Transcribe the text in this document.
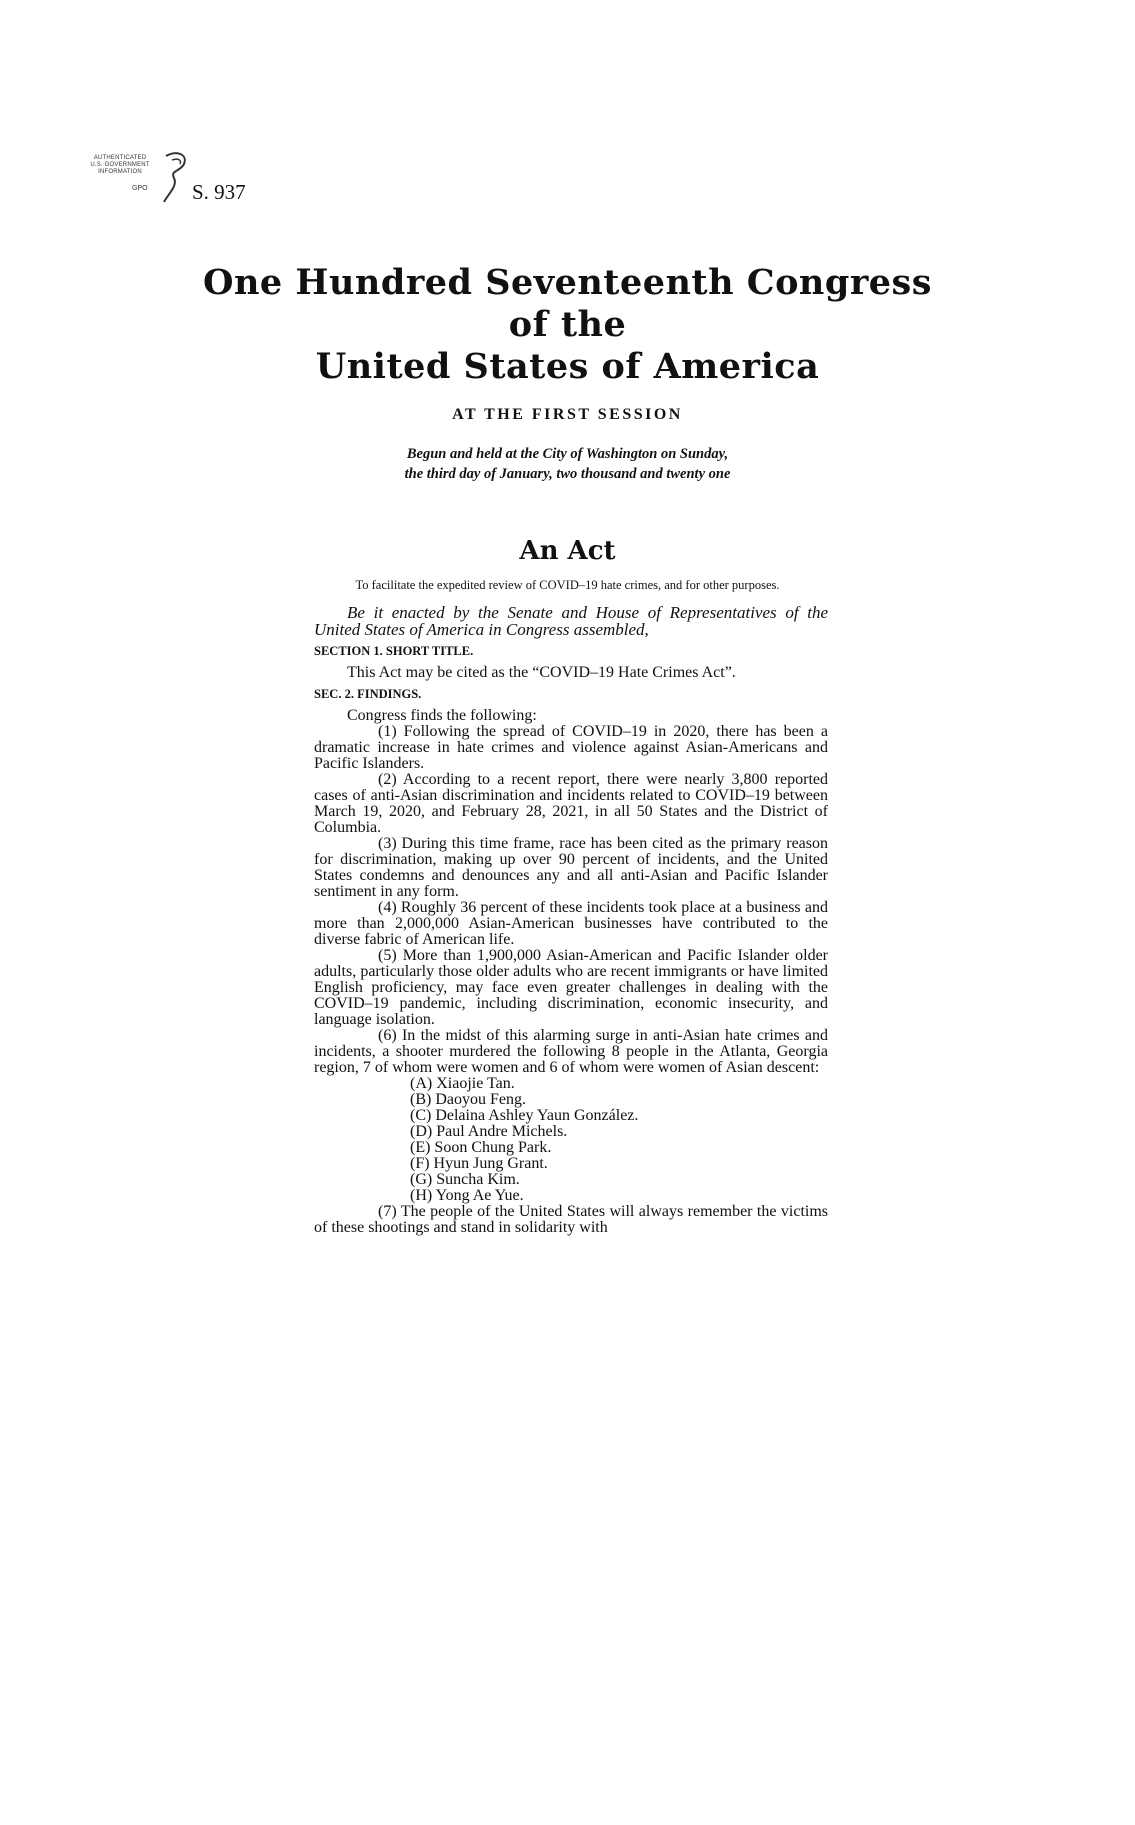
AUTHENTICATED
U.S. GOVERNMENT
INFORMATION
GPO S. 937
One Hundred Seventeenth Congress
of the
United States of America
AT THE FIRST SESSION
Begun and held at the City of Washington on Sunday,
the third day of January, two thousand and twenty one
An Act
To facilitate the expedited review of COVID–19 hate crimes, and for other purposes.

Be it enacted by the Senate and House of Representatives of the United States of America in Congress assembled,

SECTION 1. SHORT TITLE.

This Act may be cited as the “COVID–19 Hate Crimes Act”.

SEC. 2. FINDINGS.

Congress finds the following:

(1) Following the spread of COVID–19 in 2020, there has been a dramatic increase in hate crimes and violence against Asian-Americans and Pacific Islanders.

(2) According to a recent report, there were nearly 3,800 reported cases of anti-Asian discrimination and incidents related to COVID–19 between March 19, 2020, and February 28, 2021, in all 50 States and the District of Columbia.

(3) During this time frame, race has been cited as the primary reason for discrimination, making up over 90 percent of incidents, and the United States condemns and denounces any and all anti-Asian and Pacific Islander sentiment in any form.

(4) Roughly 36 percent of these incidents took place at a business and more than 2,000,000 Asian-American businesses have contributed to the diverse fabric of American life.

(5) More than 1,900,000 Asian-American and Pacific Islander older adults, particularly those older adults who are recent immigrants or have limited English proficiency, may face even greater challenges in dealing with the COVID–19 pandemic, including discrimination, economic insecurity, and language isolation.

(6) In the midst of this alarming surge in anti-Asian hate crimes and incidents, a shooter murdered the following 8 people in the Atlanta, Georgia region, 7 of whom were women and 6 of whom were women of Asian descent:

(A) Xiaojie Tan.

(B) Daoyou Feng.

(C) Delaina Ashley Yaun González.

(D) Paul Andre Michels.

(E) Soon Chung Park.

(F) Hyun Jung Grant.

(G) Suncha Kim.

(H) Yong Ae Yue.

(7) The people of the United States will always remember the victims of these shootings and stand in solidarity with
